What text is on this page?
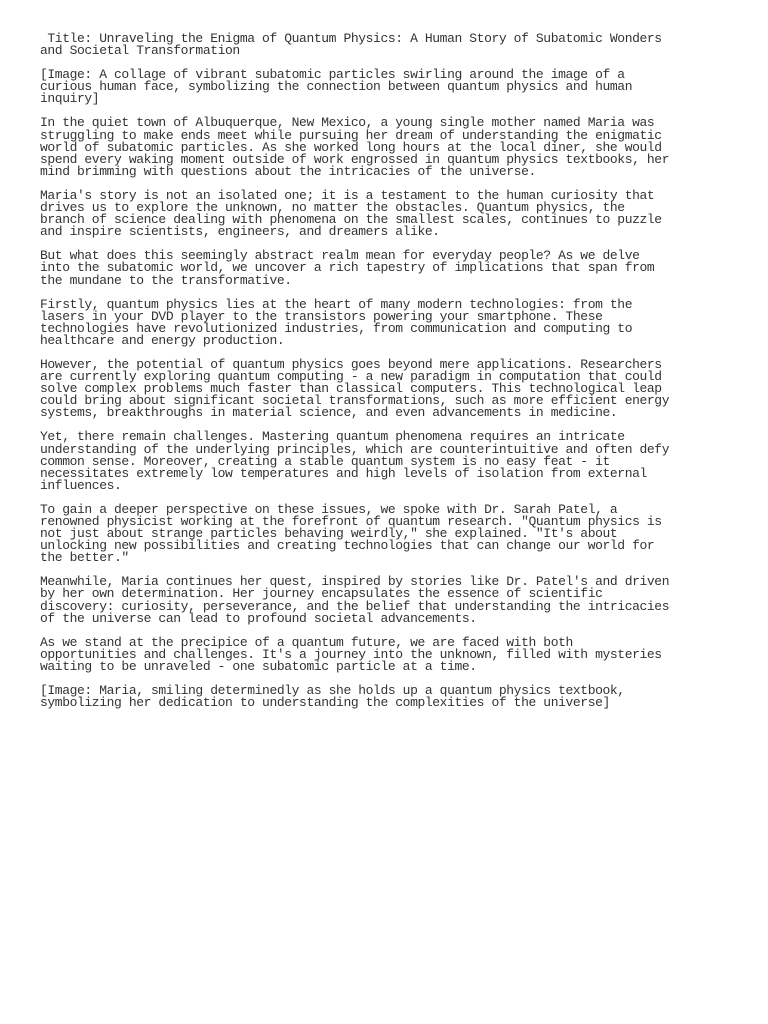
Title: Unraveling the Enigma of Quantum Physics: A Human Story of Subatomic Wonders
and Societal Transformation

[Image: A collage of vibrant subatomic particles swirling around the image of a
curious human face, symbolizing the connection between quantum physics and human
inquiry]

In the quiet town of Albuquerque, New Mexico, a young single mother named Maria was
struggling to make ends meet while pursuing her dream of understanding the enigmatic
world of subatomic particles. As she worked long hours at the local diner, she would
spend every waking moment outside of work engrossed in quantum physics textbooks, her
mind brimming with questions about the intricacies of the universe.

Maria's story is not an isolated one; it is a testament to the human curiosity that
drives us to explore the unknown, no matter the obstacles. Quantum physics, the
branch of science dealing with phenomena on the smallest scales, continues to puzzle
and inspire scientists, engineers, and dreamers alike.

But what does this seemingly abstract realm mean for everyday people? As we delve
into the subatomic world, we uncover a rich tapestry of implications that span from
the mundane to the transformative.

Firstly, quantum physics lies at the heart of many modern technologies: from the
lasers in your DVD player to the transistors powering your smartphone. These
technologies have revolutionized industries, from communication and computing to
healthcare and energy production.

However, the potential of quantum physics goes beyond mere applications. Researchers
are currently exploring quantum computing - a new paradigm in computation that could
solve complex problems much faster than classical computers. This technological leap
could bring about significant societal transformations, such as more efficient energy
systems, breakthroughs in material science, and even advancements in medicine.

Yet, there remain challenges. Mastering quantum phenomena requires an intricate
understanding of the underlying principles, which are counterintuitive and often defy
common sense. Moreover, creating a stable quantum system is no easy feat - it
necessitates extremely low temperatures and high levels of isolation from external
influences.

To gain a deeper perspective on these issues, we spoke with Dr. Sarah Patel, a
renowned physicist working at the forefront of quantum research. "Quantum physics is
not just about strange particles behaving weirdly," she explained. "It's about
unlocking new possibilities and creating technologies that can change our world for
the better."

Meanwhile, Maria continues her quest, inspired by stories like Dr. Patel's and driven
by her own determination. Her journey encapsulates the essence of scientific
discovery: curiosity, perseverance, and the belief that understanding the intricacies
of the universe can lead to profound societal advancements.

As we stand at the precipice of a quantum future, we are faced with both
opportunities and challenges. It's a journey into the unknown, filled with mysteries
waiting to be unraveled - one subatomic particle at a time.

[Image: Maria, smiling determinedly as she holds up a quantum physics textbook,
symbolizing her dedication to understanding the complexities of the universe]
